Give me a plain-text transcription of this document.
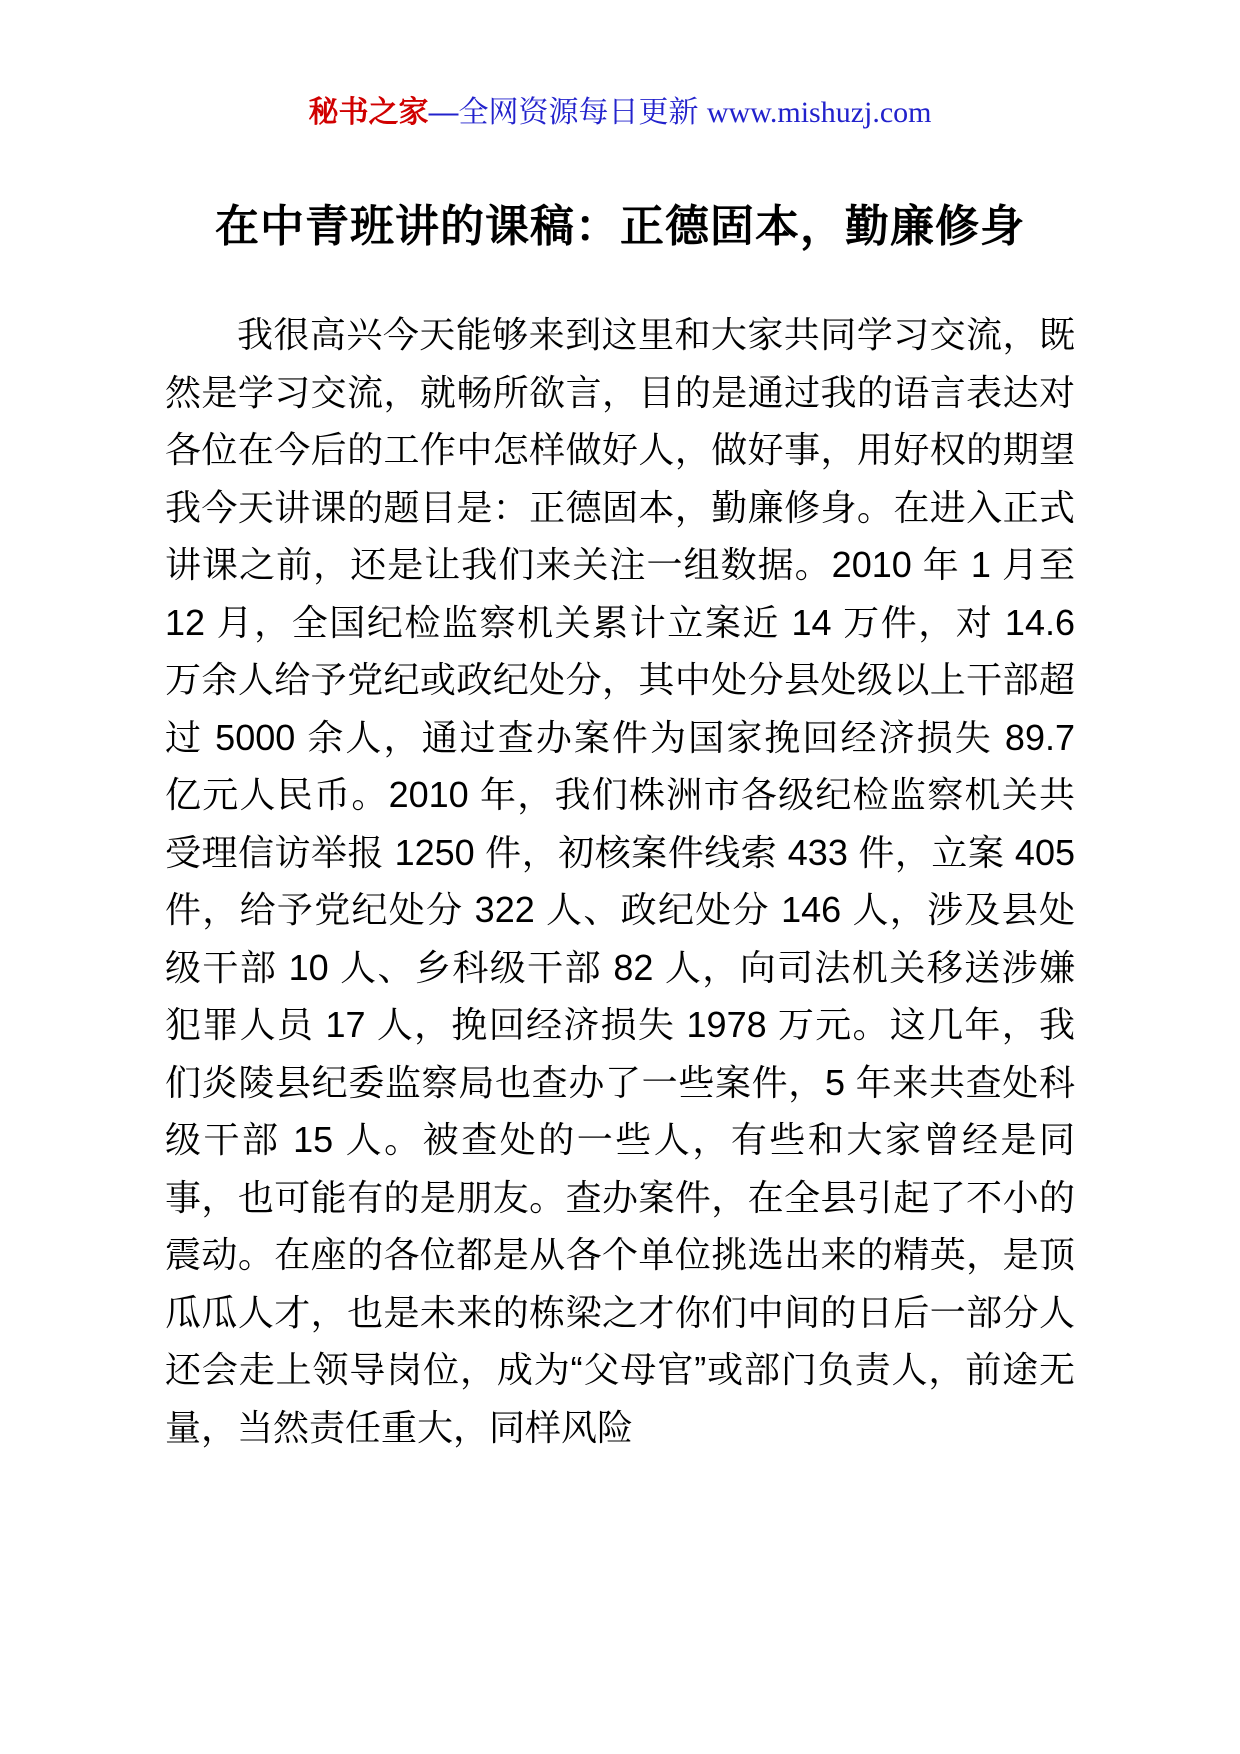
秘书之家—全网资源每日更新 www.mishuzj.com
在中青班讲的课稿：正德固本，勤廉修身

我很高兴今天能够来到这里和大家共同学习交流，既然是学习交流，就畅所欲言，目的是通过我的语言表达对各位在今后的工作中怎样做好人，做好事，用好权的期望我今天讲课的题目是：正德固本，勤廉修身。在进入正式讲课之前，还是让我们来关注一组数据。2010 年 1 月至 12 月，全国纪检监察机关累计立案近 14 万件，对 14.6 万余人给予党纪或政纪处分，其中处分县处级以上干部超过 5000 余人，通过查办案件为国家挽回经济损失 89.7 亿元人民币。2010 年，我们株洲市各级纪检监察机关共受理信访举报 1250 件，初核案件线索 433 件，立案 405 件，给予党纪处分 322 人、政纪处分 146 人，涉及县处级干部 10 人、乡科级干部 82 人，向司法机关移送涉嫌犯罪人员 17 人，挽回经济损失 1978 万元。这几年，我们炎陵县纪委监察局也查办了一些案件，5 年来共查处科级干部 15 人。被查处的一些人，有些和大家曾经是同事，也可能有的是朋友。查办案件，在全县引起了不小的震动。在座的各位都是从各个单位挑选出来的精英，是顶瓜瓜人才，也是未来的栋梁之才你们中间的日后一部分人还会走上领导岗位，成为“父母官”或部门负责人，前途无量，当然责任重大，同样风险
